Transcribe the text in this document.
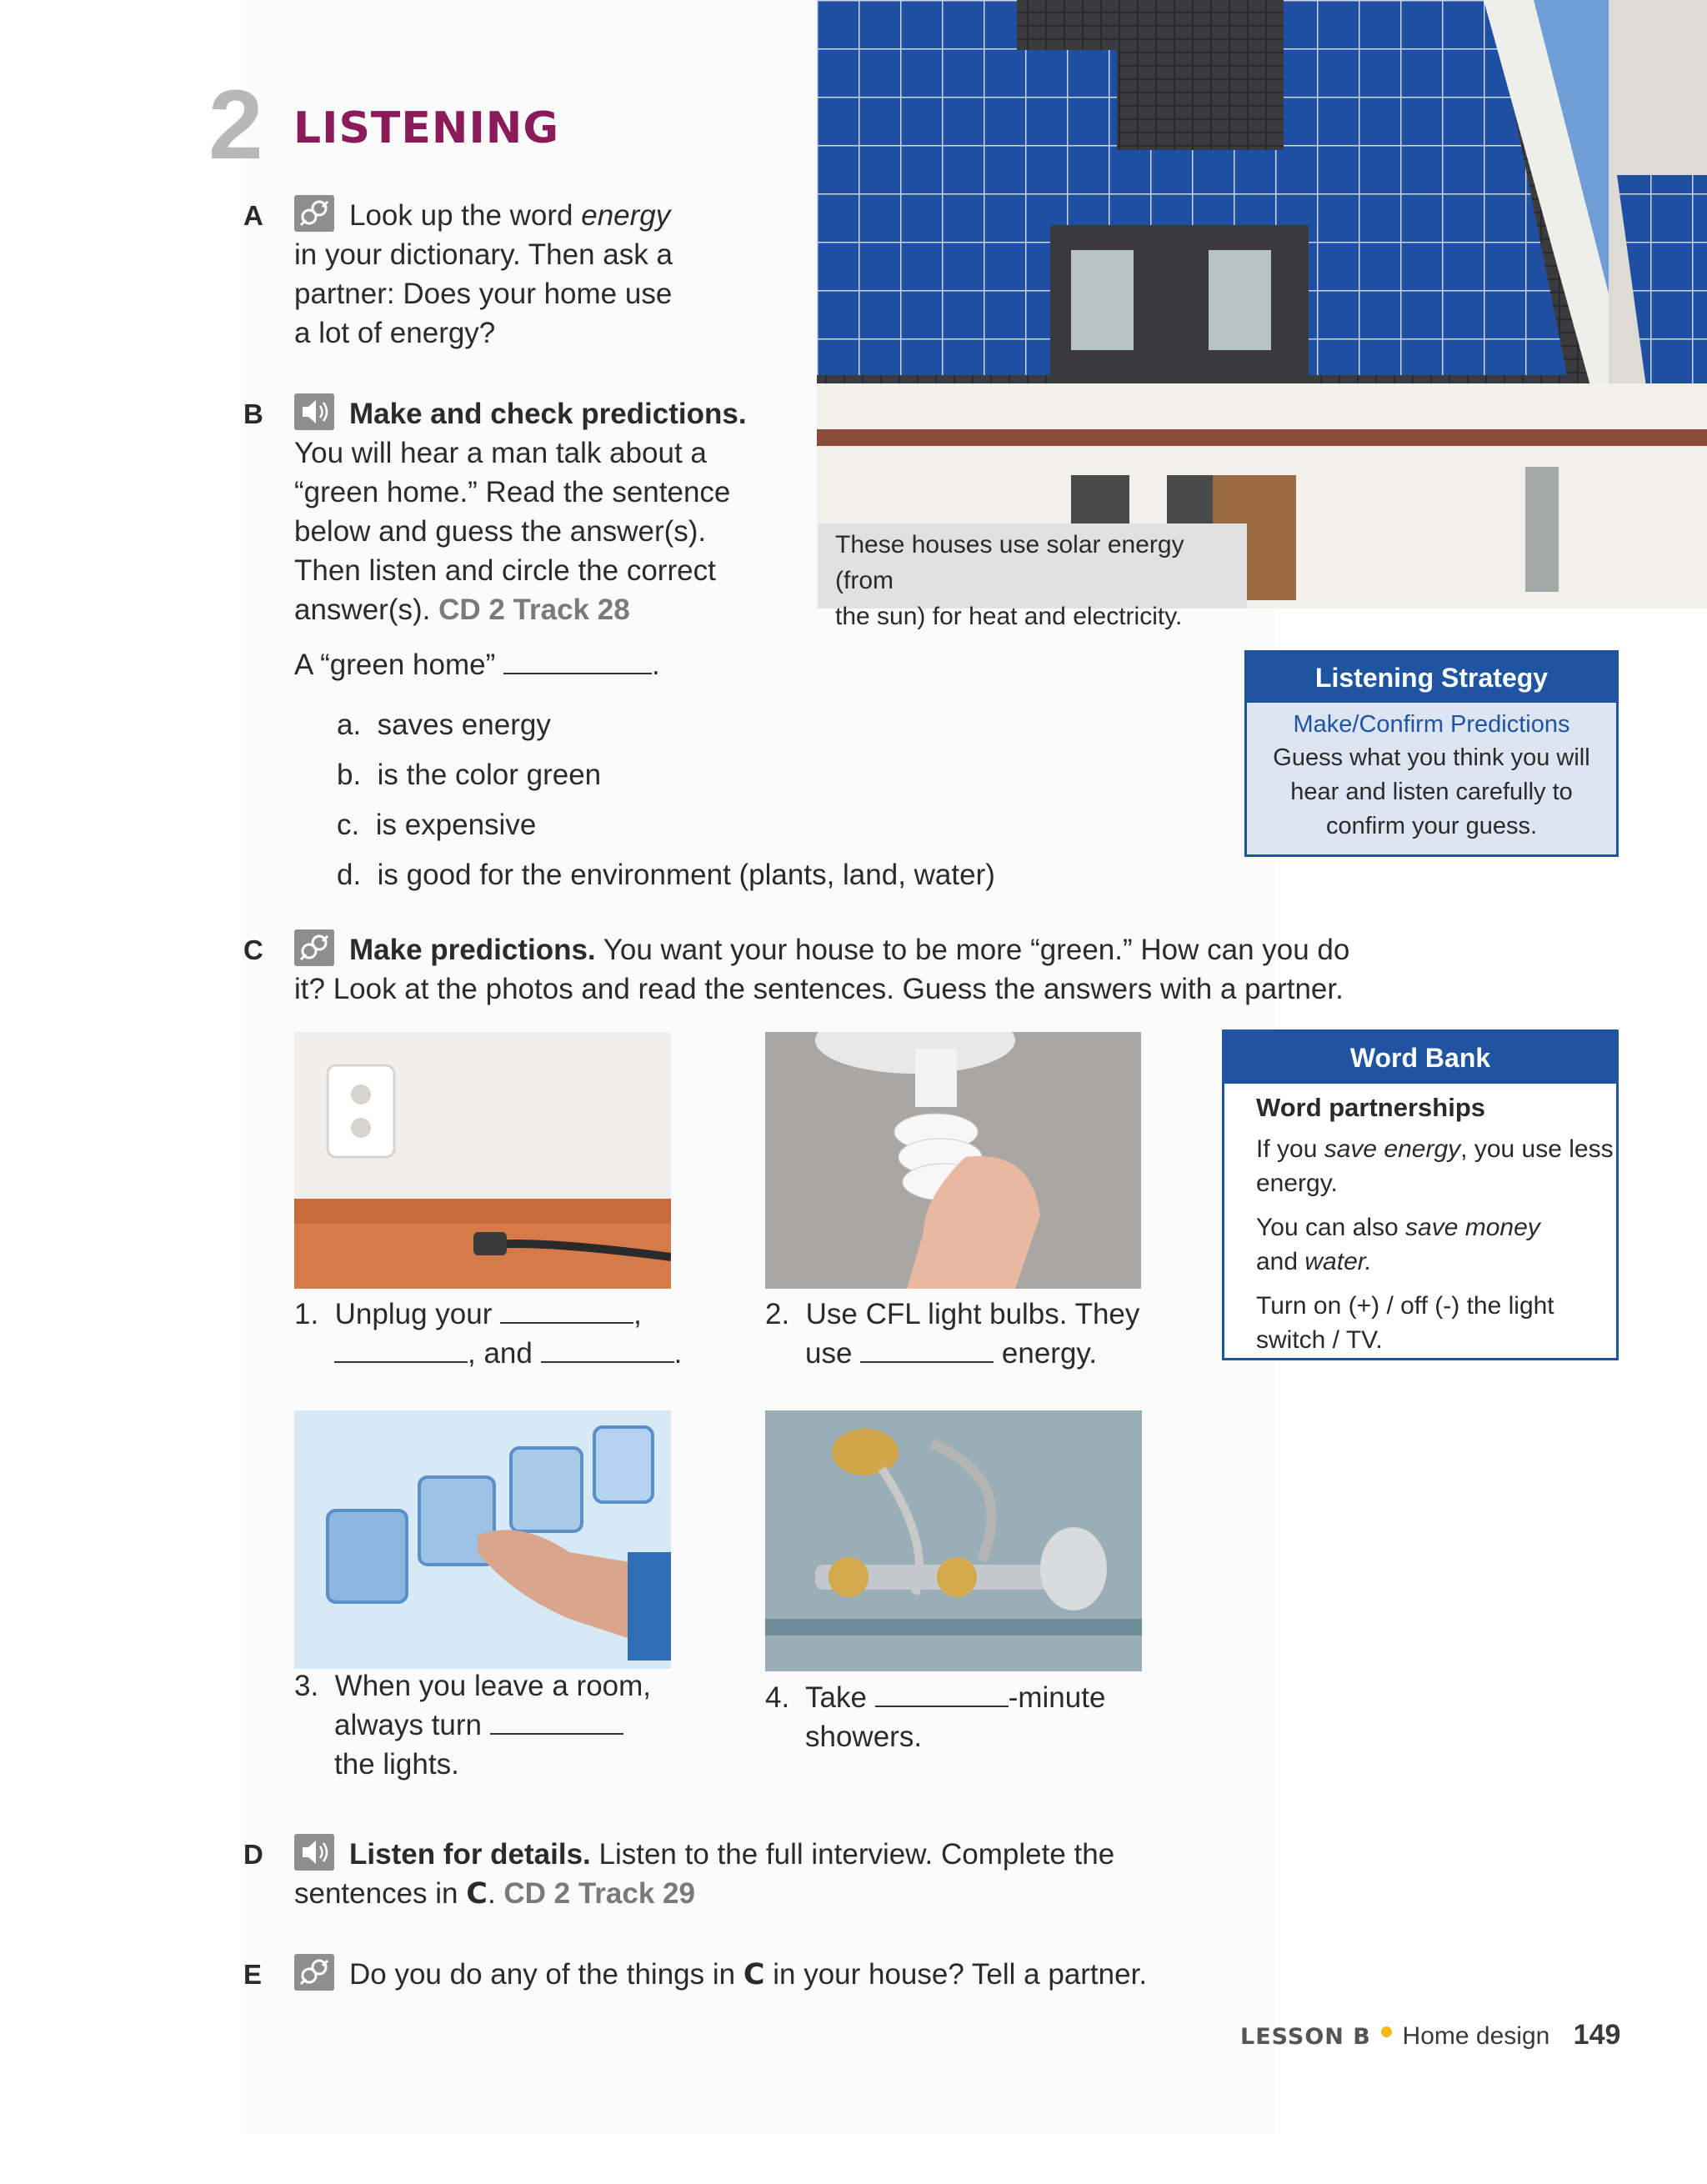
2 LISTENING
A	Look up the word energy
in your dictionary. Then ask a
partner: Does your home use
a lot of energy?
B	Make and check predictions.
You will hear a man talk about a
“green home.” Read the sentence
below and guess the answer(s).
Then listen and circle the correct
answer(s). CD 2 Track 28
A “green home”	.
a. saves energy
b. is the color green
c. is expensive
d. is good for the environment (plants, land, water)
These houses use solar energy (from
the sun) for heat and electricity.
Listening Strategy
Make/Confirm Predictions
Guess what you think you will
hear and listen carefully to
confirm your guess.
C	Make predictions. You want your house to be more “green.” How can you do
it? Look at the photos and read the sentences. Guess the answers with a partner.
1. Unplug your	,
, and	.
2. Use CFL light bulbs. They
use	energy.
Word Bank
Word partnerships
If you save energy, you use less
energy.
You can also save money
and water.
Turn on (+) / off (-) the light
switch / TV.
3. When you leave a room,
always turn
the lights.
4. Take	-minute
showers.
D	Listen for details. Listen to the full interview. Complete the
sentences in C. CD 2 Track 29
E	Do you do any of the things in C in your house? Tell a partner.
LESSON B Home design 149
